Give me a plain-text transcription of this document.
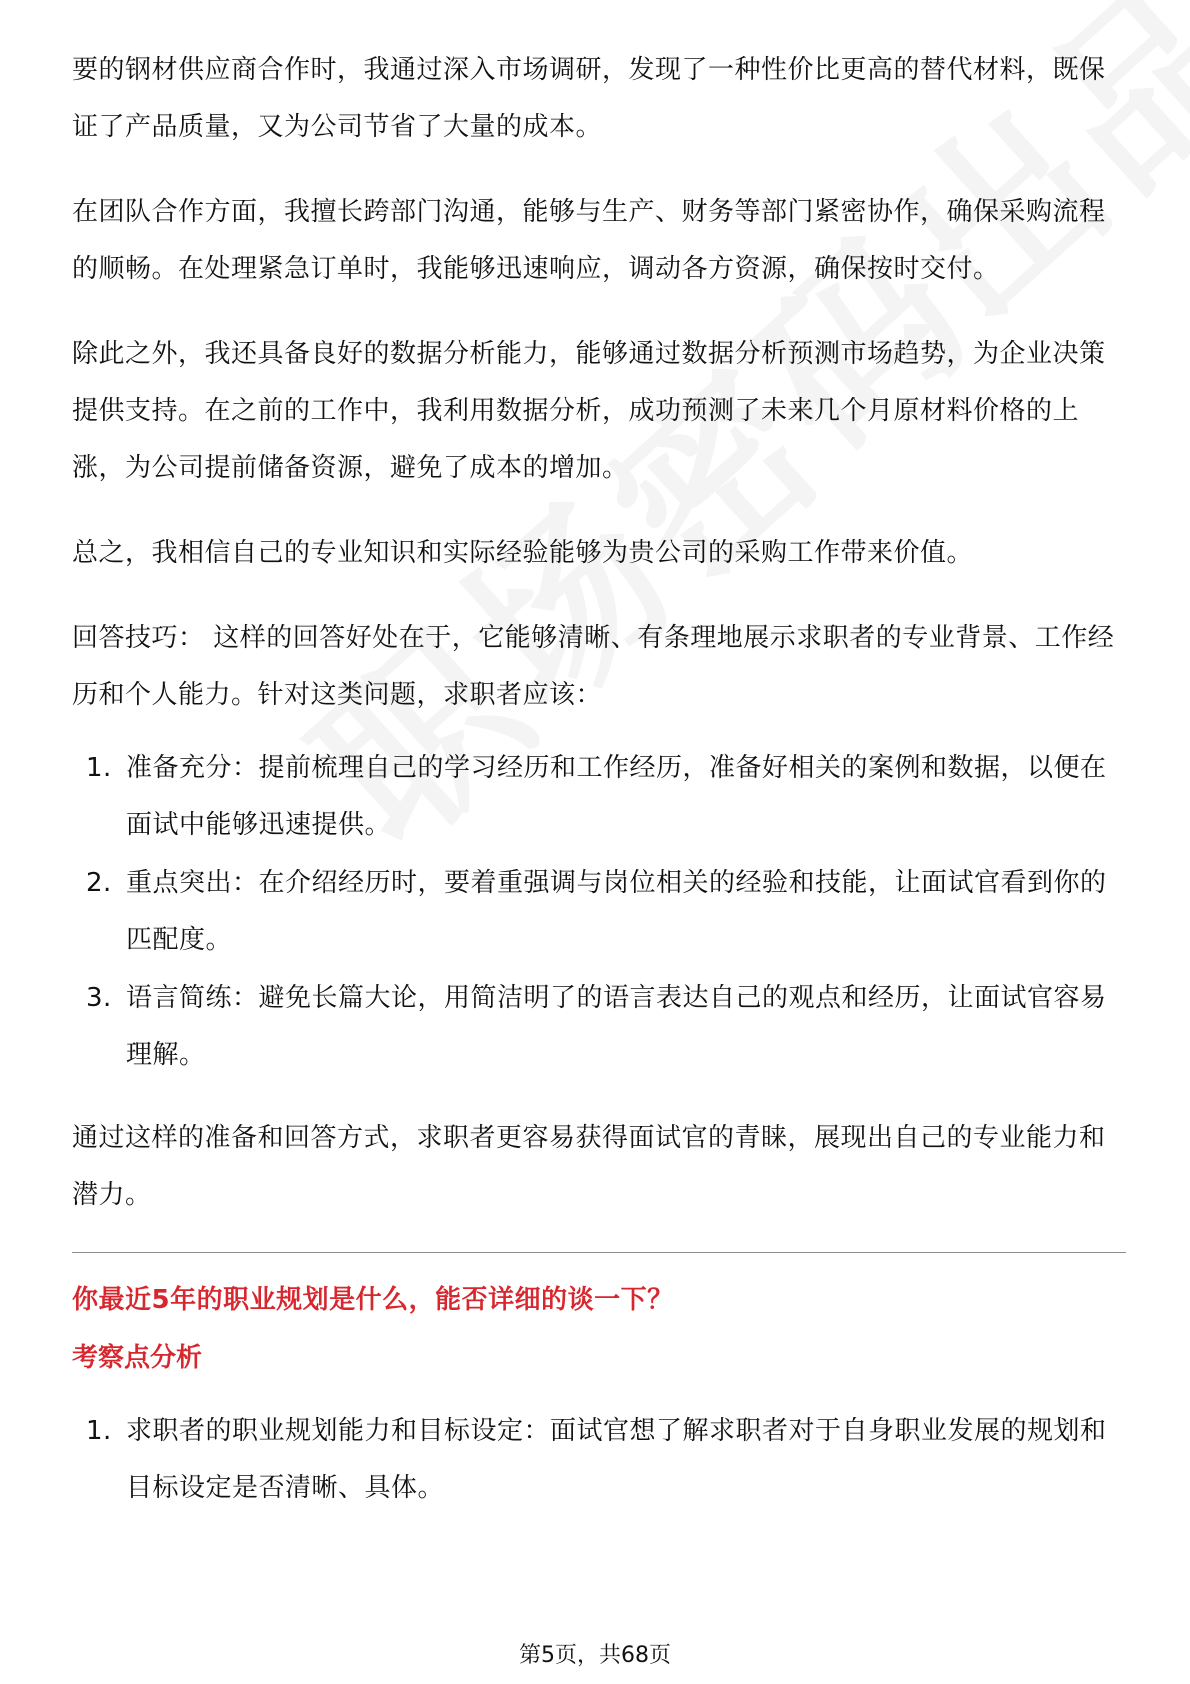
要的钢材供应商合作时，我通过深入市场调研，发现了一种性价比更高的替代材料，既保证了产品质量，又为公司节省了大量的成本。

在团队合作方面，我擅长跨部门沟通，能够与生产、财务等部门紧密协作，确保采购流程的顺畅。在处理紧急订单时，我能够迅速响应，调动各方资源，确保按时交付。

除此之外，我还具备良好的数据分析能力，能够通过数据分析预测市场趋势，为企业决策提供支持。在之前的工作中，我利用数据分析，成功预测了未来几个月原材料价格的上涨，为公司提前储备资源，避免了成本的增加。

总之，我相信自己的专业知识和实际经验能够为贵公司的采购工作带来价值。

回答技巧： 这样的回答好处在于，它能够清晰、有条理地展示求职者的专业背景、工作经历和个人能力。针对这类问题，求职者应该：

1. 准备充分：提前梳理自己的学习经历和工作经历，准备好相关的案例和数据，以便在面试中能够迅速提供。
2. 重点突出：在介绍经历时，要着重强调与岗位相关的经验和技能，让面试官看到你的匹配度。
3. 语言简练：避免长篇大论，用简洁明了的语言表达自己的观点和经历，让面试官容易理解。

通过这样的准备和回答方式，求职者更容易获得面试官的青睐，展现出自己的专业能力和潜力。

你最近5年的职业规划是什么，能否详细的谈一下？
考察点分析
1. 求职者的职业规划能力和目标设定：面试官想了解求职者对于自身职业发展的规划和目标设定是否清晰、具体。
第5页，共68页
